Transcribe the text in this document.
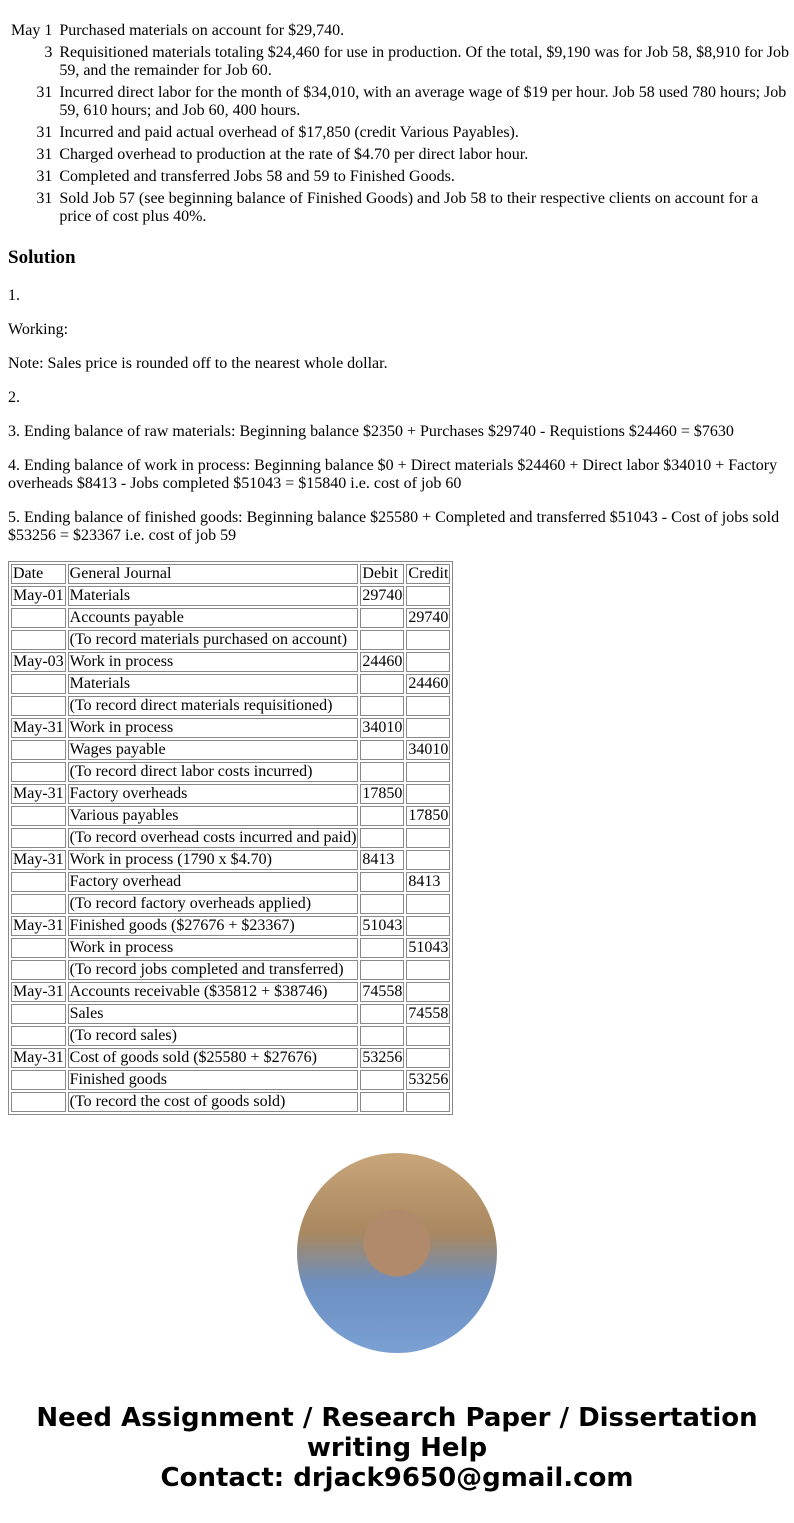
May 1	Purchased materials on account for $29,740.
3	Requisitioned materials totaling $24,460 for use in production. Of the total, $9,190 was for Job 58, $8,910 for Job 59, and the remainder for Job 60.
31	Incurred direct labor for the month of $34,010, with an average wage of $19 per hour. Job 58 used 780 hours; Job 59, 610 hours; and Job 60, 400 hours.
31	Incurred and paid actual overhead of $17,850 (credit Various Payables).
31	Charged overhead to production at the rate of $4.70 per direct labor hour.
31	Completed and transferred Jobs 58 and 59 to Finished Goods.
31	Sold Job 57 (see beginning balance of Finished Goods) and Job 58 to their respective clients on account for a price of cost plus 40%.
Solution

1.

Working:

Note: Sales price is rounded off to the nearest whole dollar.

2.

3. Ending balance of raw materials: Beginning balance $2350 + Purchases $29740 - Requistions $24460 = $7630

4. Ending balance of work in process: Beginning balance $0 + Direct materials $24460 + Direct labor $34010 + Factory overheads $8413 - Jobs completed $51043 = $15840 i.e. cost of job 60

5. Ending balance of finished goods: Beginning balance $25580 + Completed and transferred $51043 - Cost of jobs sold $53256 = $23367 i.e. cost of job 59

Date	General Journal	Debit	Credit
May-01	Materials	29740	
	Accounts payable		29740
	(To record materials purchased on account)		
May-03	Work in process	24460	
	Materials		24460
	(To record direct materials requisitioned)		
May-31	Work in process	34010	
	Wages payable		34010
	(To record direct labor costs incurred)		
May-31	Factory overheads	17850	
	Various payables		17850
	(To record overhead costs incurred and paid)		
May-31	Work in process (1790 x $4.70)	8413	
	Factory overhead		8413
	(To record factory overheads applied)		
May-31	Finished goods ($27676 + $23367)	51043	
	Work in process		51043
	(To record jobs completed and transferred)		
May-31	Accounts receivable ($35812 + $38746)	74558	
	Sales		74558
	(To record sales)		
May-31	Cost of goods sold ($25580 + $27676)	53256	
	Finished goods		53256
	(To record the cost of goods sold)		
Need Assignment / Research Paper / Dissertation
writing Help
Contact: drjack9650@gmail.com
